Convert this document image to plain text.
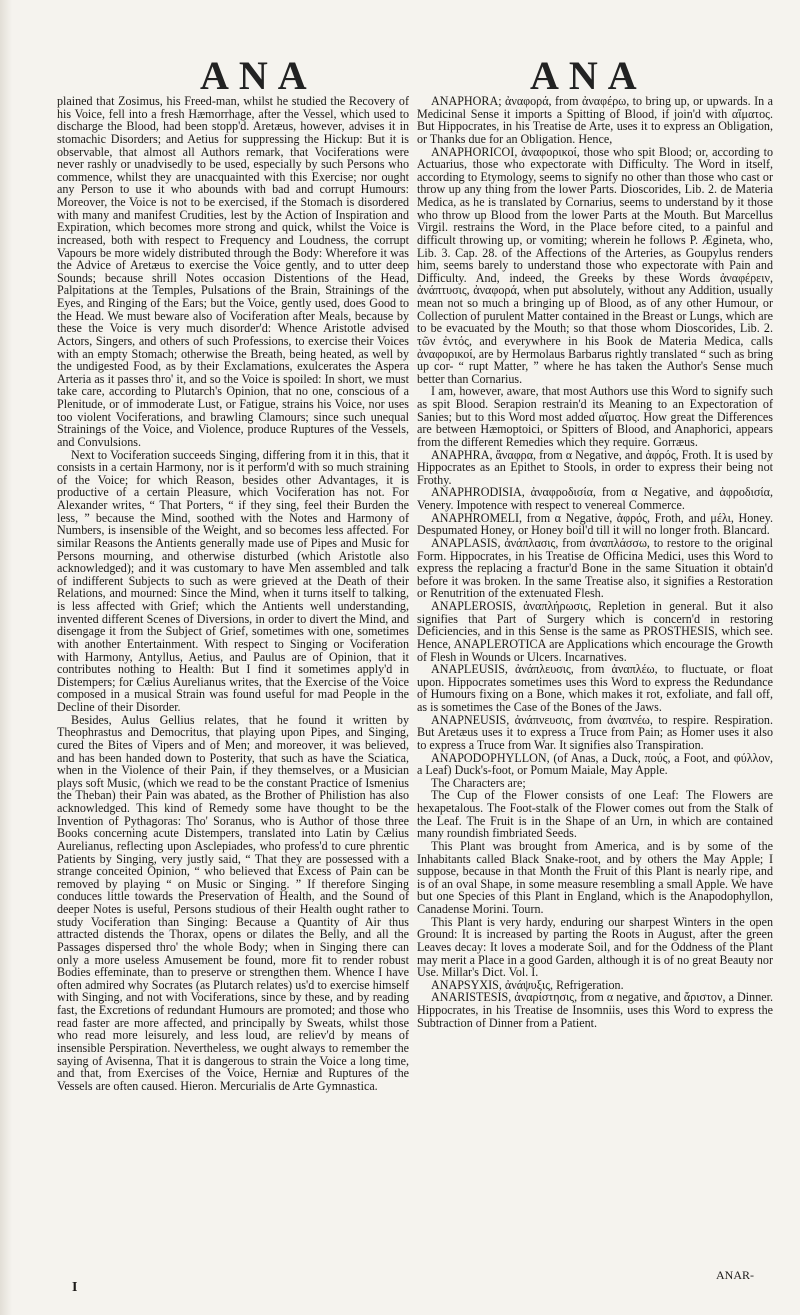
ANA	ANA

plained that Zosimus, his Freed-man, whilst he studied the Recovery of his Voice, fell into a fresh Hæmorrhage, after the Vessel, which used to discharge the Blood, had been stopp'd. Aretæus, however, advises it in stomachic Disorders; and Aetius for suppressing the Hickup: But it is observable, that almost all Authors remark, that Vociferations were never rashly or unadvisedly to be used, especially by such Persons who commence, whilst they are unacquainted with this Exercise; nor ought any Person to use it who abounds with bad and corrupt Humours: Moreover, the Voice is not to be exercised, if the Stomach is disordered with many and manifest Crudities, lest by the Action of Inspiration and Expiration, which becomes more strong and quick, whilst the Voice is increased, both with respect to Frequency and Loudness, the corrupt Vapours be more widely distributed through the Body: Wherefore it was the Advice of Aretæus to exercise the Voice gently, and to utter deep Sounds; because shrill Notes occasion Distentions of the Head, Palpitations at the Temples, Pulsations of the Brain, Strainings of the Eyes, and Ringing of the Ears; but the Voice, gently used, does Good to the Head. We must beware also of Vociferation after Meals, because by these the Voice is very much disorder'd: Whence Aristotle advised Actors, Singers, and others of such Professions, to exercise their Voices with an empty Stomach; otherwise the Breath, being heated, as well by the undigested Food, as by their Exclamations, exulcerates the Aspera Arteria as it passes thro' it, and so the Voice is spoiled: In short, we must take care, according to Plutarch's Opinion, that no one, conscious of a Plenitude, or of immoderate Lust, or Fatigue, strains his Voice, nor uses too violent Vociferations, and brawling Clamours; since such unequal Strainings of the Voice, and Violence, produce Ruptures of the Vessels, and Convulsions.

Next to Vociferation succeeds Singing, differing from it in this, that it consists in a certain Harmony, nor is it perform'd with so much straining of the Voice; for which Reason, besides other Advantages, it is productive of a certain Pleasure, which Vociferation has not. For Alexander writes, “ That Porters, “ if they sing, feel their Burden the less, ” because the Mind, soothed with the Notes and Harmony of Numbers, is insensible of the Weight, and so becomes less affected. For similar Reasons the Antients generally made use of Pipes and Music for Persons mourning, and otherwise disturbed (which Aristotle also acknowledged); and it was customary to have Men assembled and talk of indifferent Subjects to such as were grieved at the Death of their Relations, and mourned: Since the Mind, when it turns itself to talking, is less affected with Grief; which the Antients well understanding, invented different Scenes of Diversions, in order to divert the Mind, and disengage it from the Subject of Grief, sometimes with one, sometimes with another Entertainment. With respect to Singing or Vociferation with Harmony, Antyllus, Aetius, and Paulus are of Opinion, that it contributes nothing to Health: But I find it sometimes apply'd in Distempers; for Cælius Aurelianus writes, that the Exercise of the Voice composed in a musical Strain was found useful for mad People in the Decline of their Disorder.

Besides, Aulus Gellius relates, that he found it written by Theophrastus and Democritus, that playing upon Pipes, and Singing, cured the Bites of Vipers and of Men; and moreover, it was believed, and has been handed down to Posterity, that such as have the Sciatica, when in the Violence of their Pain, if they themselves, or a Musician plays soft Music, (which we read to be the constant Practice of Ismenius the Theban) their Pain was abated, as the Brother of Philistion has also acknowledged. This kind of Remedy some have thought to be the Invention of Pythagoras: Tho' Soranus, who is Author of those three Books concerning acute Distempers, translated into Latin by Cælius Aurelianus, reflecting upon Asclepiades, who profess'd to cure phrentic Patients by Singing, very justly said, “ That they are possessed with a strange conceited Opinion, “ who believed that Excess of Pain can be removed by playing “ on Music or Singing. ” If therefore Singing conduces little towards the Preservation of Health, and the Sound of deeper Notes is useful, Persons studious of their Health ought rather to study Vociferation than Singing: Because a Quantity of Air thus attracted distends the Thorax, opens or dilates the Belly, and all the Passages dispersed thro' the whole Body; when in Singing there can only a more useless Amusement be found, more fit to render robust Bodies effeminate, than to preserve or strengthen them. Whence I have often admired why Socrates (as Plutarch relates) us'd to exercise himself with Singing, and not with Vociferations, since by these, and by reading fast, the Excretions of redundant Humours are promoted; and those who read faster are more affected, and principally by Sweats, whilst those who read more leisurely, and less loud, are reliev'd by means of insensible Perspiration. Nevertheless, we ought always to remember the saying of Avisenna, That it is dangerous to strain the Voice a long time, and that, from Exercises of the Voice, Herniæ and Ruptures of the Vessels are often caused. Hieron. Mercurialis de Arte Gymnastica.

ANAPHORA; ἀναφορά, from ἀναφέρω, to bring up, or upwards. In a Medicinal Sense it imports a Spitting of Blood, if join'd with αἵματος. But Hippocrates, in his Treatise de Arte, uses it to express an Obligation, or Thanks due for an Obligation. Hence,

ANAPHORICOI, ἀναφορικοί, those who spit Blood; or, according to Actuarius, those who expectorate with Difficulty. The Word in itself, according to Etymology, seems to signify no other than those who cast or throw up any thing from the lower Parts. Dioscorides, Lib. 2. de Materia Medica, as he is translated by Cornarius, seems to understand by it those who throw up Blood from the lower Parts at the Mouth. But Marcellus Virgil. restrains the Word, in the Place before cited, to a painful and difficult throwing up, or vomiting; wherein he follows P. Ægineta, who, Lib. 3. Cap. 28. of the Affections of the Arteries, as Goupylus renders him, seems barely to understand those who expectorate with Pain and Difficulty. And, indeed, the Greeks by these Words ἀναφέρειν, ἀνάπτυσις, ἀναφορά, when put absolutely, without any Addition, usually mean not so much a bringing up of Blood, as of any other Humour, or Collection of purulent Matter contained in the Breast or Lungs, which are to be evacuated by the Mouth; so that those whom Dioscorides, Lib. 2. τῶν ἐντός, and everywhere in his Book de Materia Medica, calls ἀναφορικοί, are by Hermolaus Barbarus rightly translated “ such as bring up cor- “ rupt Matter, ” where he has taken the Author's Sense much better than Cornarius.

I am, however, aware, that most Authors use this Word to signify such as spit Blood. Serapion restrain'd its Meaning to an Expectoration of Sanies; but to this Word most added αἵματος. How great the Differences are between Hæmoptoici, or Spitters of Blood, and Anaphorici, appears from the different Remedies which they require. Gorræus.

ANAPHRA, ἄναφρα, from α Negative, and ἀφρός, Froth. It is used by Hippocrates as an Epithet to Stools, in order to express their being not Frothy.

ANAPHRODISIA, ἀναφροδισία, from α Negative, and ἀφροδισία, Venery. Impotence with respect to venereal Commerce.

ANAPHROMELI, from α Negative, ἀφρός, Froth, and μέλι, Honey. Despumated Honey, or Honey boil'd till it will no longer froth. Blancard.

ANAPLASIS, ἀνάπλασις, from ἀναπλάσσω, to restore to the original Form. Hippocrates, in his Treatise de Officina Medici, uses this Word to express the replacing a fractur'd Bone in the same Situation it obtain'd before it was broken. In the same Treatise also, it signifies a Restoration or Renutrition of the extenuated Flesh.

ANAPLEROSIS, ἀναπλήρωσις, Repletion in general. But it also signifies that Part of Surgery which is concern'd in restoring Deficiencies, and in this Sense is the same as PROSTHESIS, which see. Hence, ANAPLEROTICA are Applications which encourage the Growth of Flesh in Wounds or Ulcers. Incarnatives.

ANAPLEUSIS, ἀνάπλευσις, from ἀναπλέω, to fluctuate, or float upon. Hippocrates sometimes uses this Word to express the Redundance of Humours fixing on a Bone, which makes it rot, exfoliate, and fall off, as is sometimes the Case of the Bones of the Jaws.

ANAPNEUSIS, ἀνάπνευσις, from ἀναπνέω, to respire. Respiration. But Aretæus uses it to express a Truce from Pain; as Homer uses it also to express a Truce from War. It signifies also Transpiration.

ANAPODOPHYLLON, (of Anas, a Duck, πούς, a Foot, and φύλλον, a Leaf) Duck's-foot, or Pomum Maiale, May Apple.

The Characters are;

The Cup of the Flower consists of one Leaf: The Flowers are hexapetalous. The Foot-stalk of the Flower comes out from the Stalk of the Leaf. The Fruit is in the Shape of an Urn, in which are contained many roundish fimbriated Seeds.

This Plant was brought from America, and is by some of the Inhabitants called Black Snake-root, and by others the May Apple; I suppose, because in that Month the Fruit of this Plant is nearly ripe, and is of an oval Shape, in some measure resembling a small Apple. We have but one Species of this Plant in England, which is the Anapodophyllon, Canadense Morini. Tourn.

This Plant is very hardy, enduring our sharpest Winters in the open Ground: It is increased by parting the Roots in August, after the green Leaves decay: It loves a moderate Soil, and for the Oddness of the Plant may merit a Place in a good Garden, although it is of no great Beauty nor Use. Millar's Dict. Vol. I.

ANAPSYXIS, ἀνάψυξις, Refrigeration.

ANARISTESIS, ἀναρίστησις, from α negative, and ἄριστον, a Dinner. Hippocrates, in his Treatise de Insomniis, uses this Word to express the Subtraction of Dinner from a Patient.

I
ANAR-
